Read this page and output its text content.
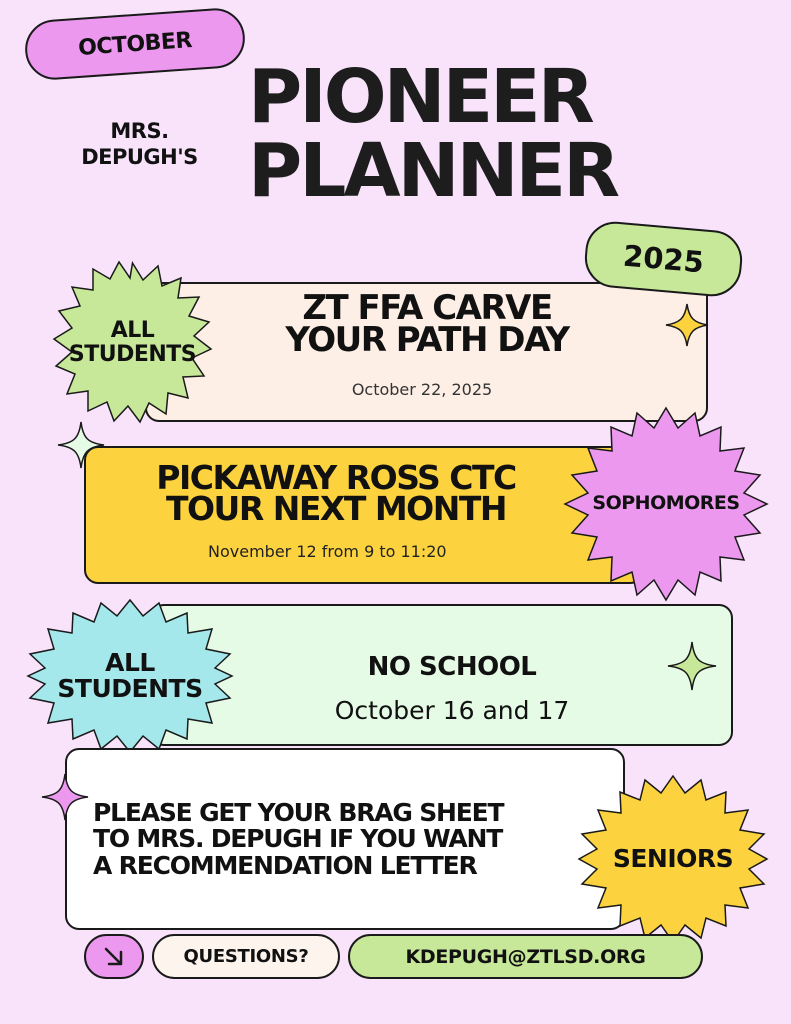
OCTOBER
MRS.
DEPUGH'S
PIONEER
PLANNER
ZT FFA CARVE
YOUR PATH DAY
October 22, 2025
2025
ALL
STUDENTS
PICKAWAY ROSS CTC
TOUR NEXT MONTH
November 12 from 9 to 11:20
SOPHOMORES
NO SCHOOL
October 16 and 17
ALL
STUDENTS
PLEASE GET YOUR BRAG SHEET
TO MRS. DEPUGH IF YOU WANT
A RECOMMENDATION LETTER	SENIORS
QUESTIONS?	KDEPUGH@ZTLSD.ORG
